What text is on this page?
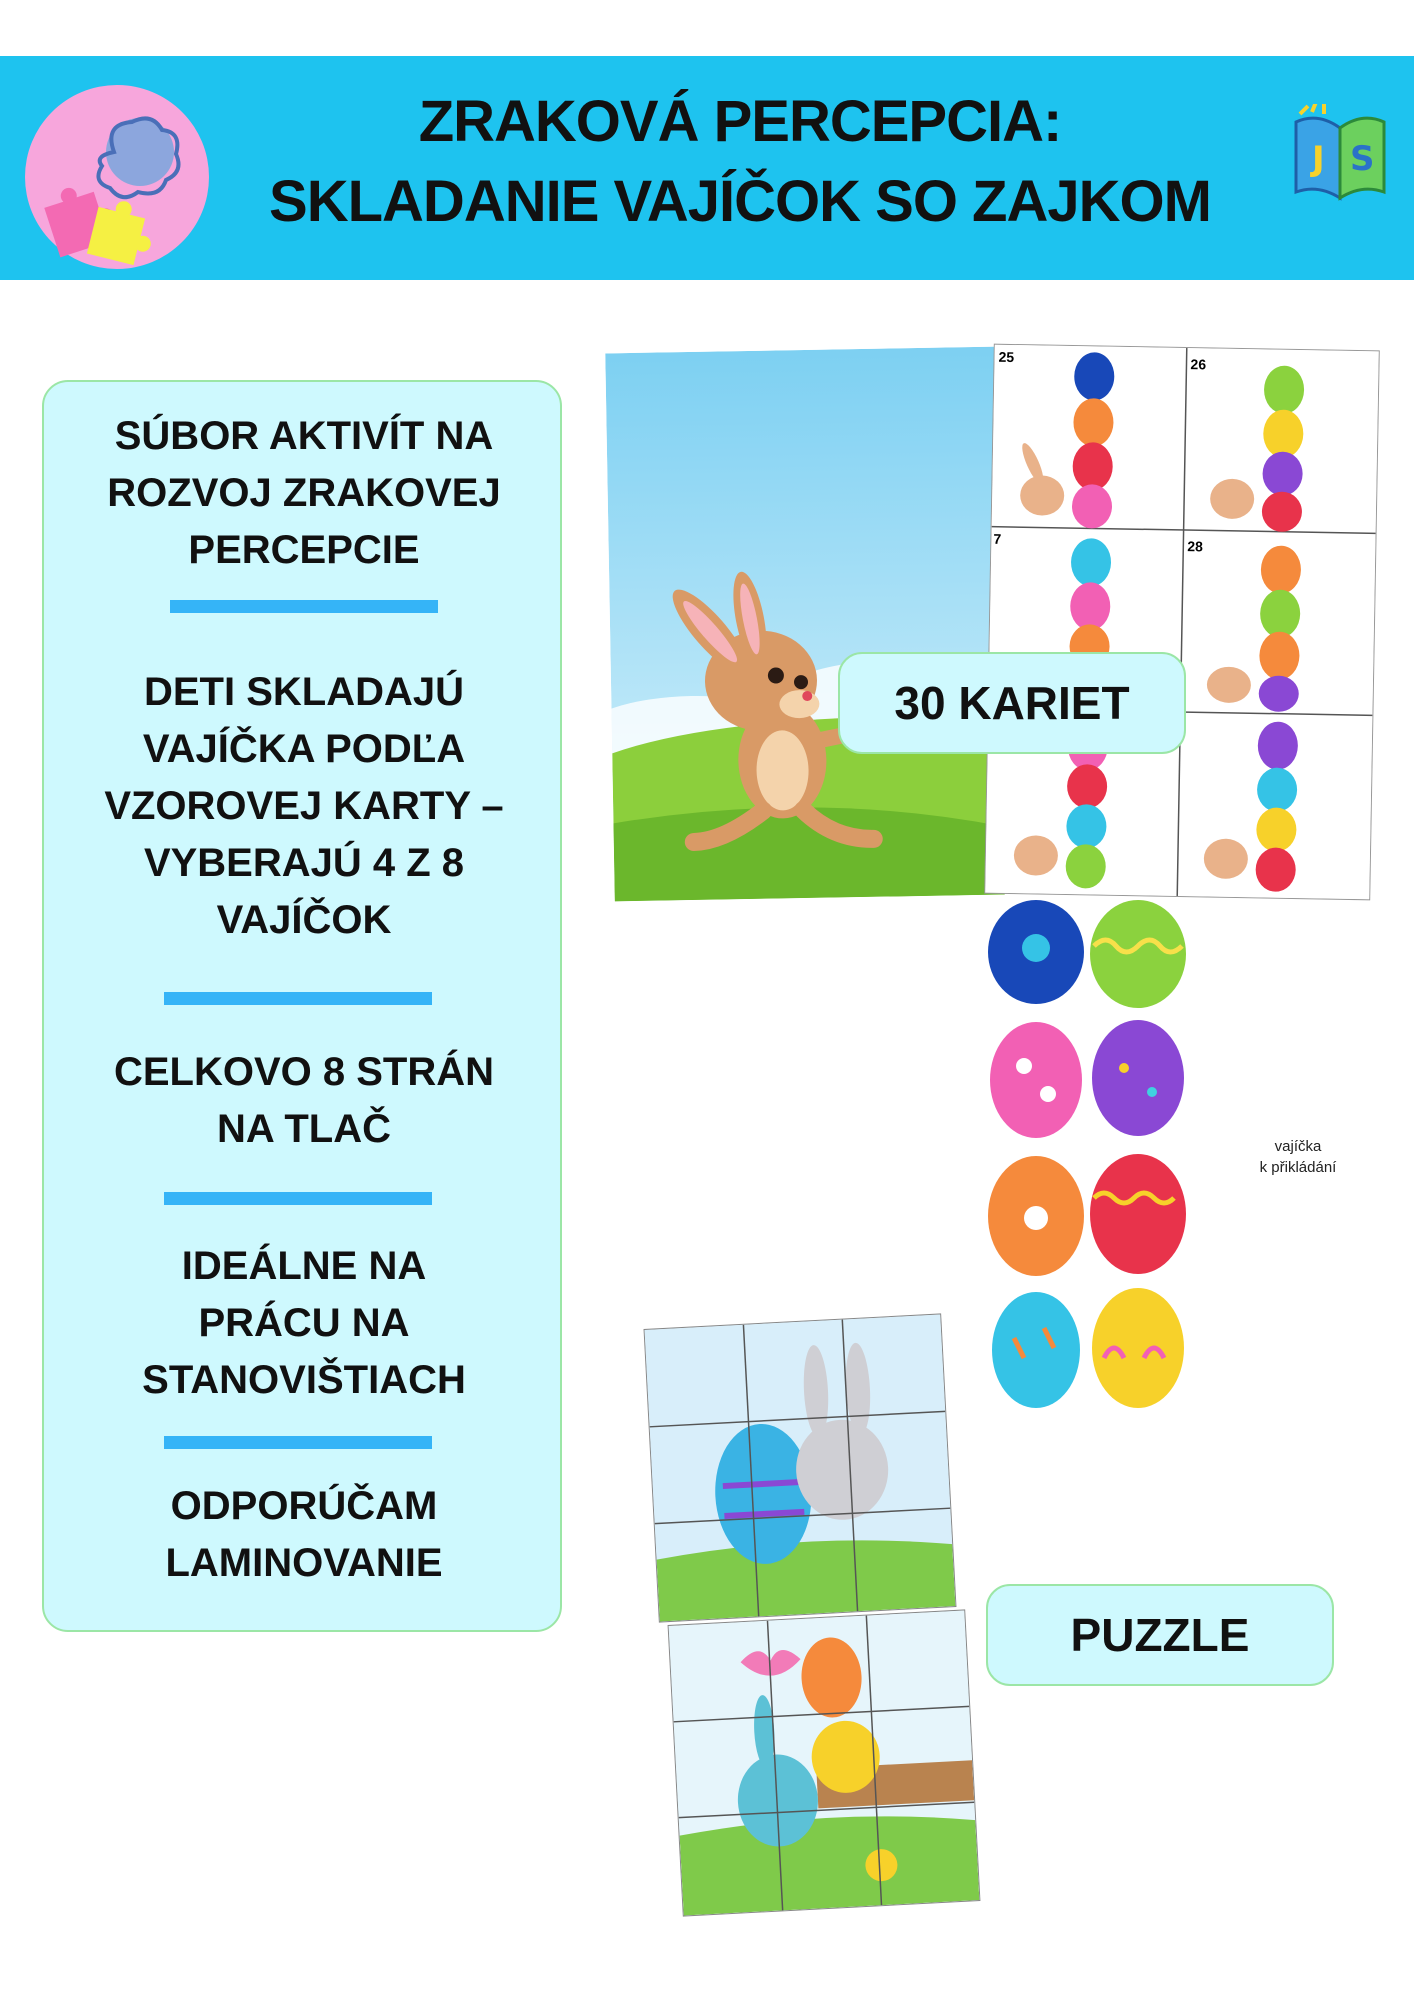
J S
ZRAKOVÁ PERCEPCIA:
SKLADANIE VAJÍČOK SO ZAJKOM
SÚBOR AKTIVÍT NA
ROZVOJ ZRAKOVEJ
PERCEPCIE
DETI SKLADAJÚ
VAJÍČKA PODĽA
VZOROVEJ KARTY –
VYBERAJÚ 4 Z 8
VAJÍČOK
CELKOVO 8 STRÁN
NA TLAČ
IDEÁLNE NA
PRÁCU NA
STANOVIŠTIACH
ODPORÚČAM
LAMINOVANIE
25	26
7	28
30 KARIET
vajíčka
k přikládání
PUZZLE
